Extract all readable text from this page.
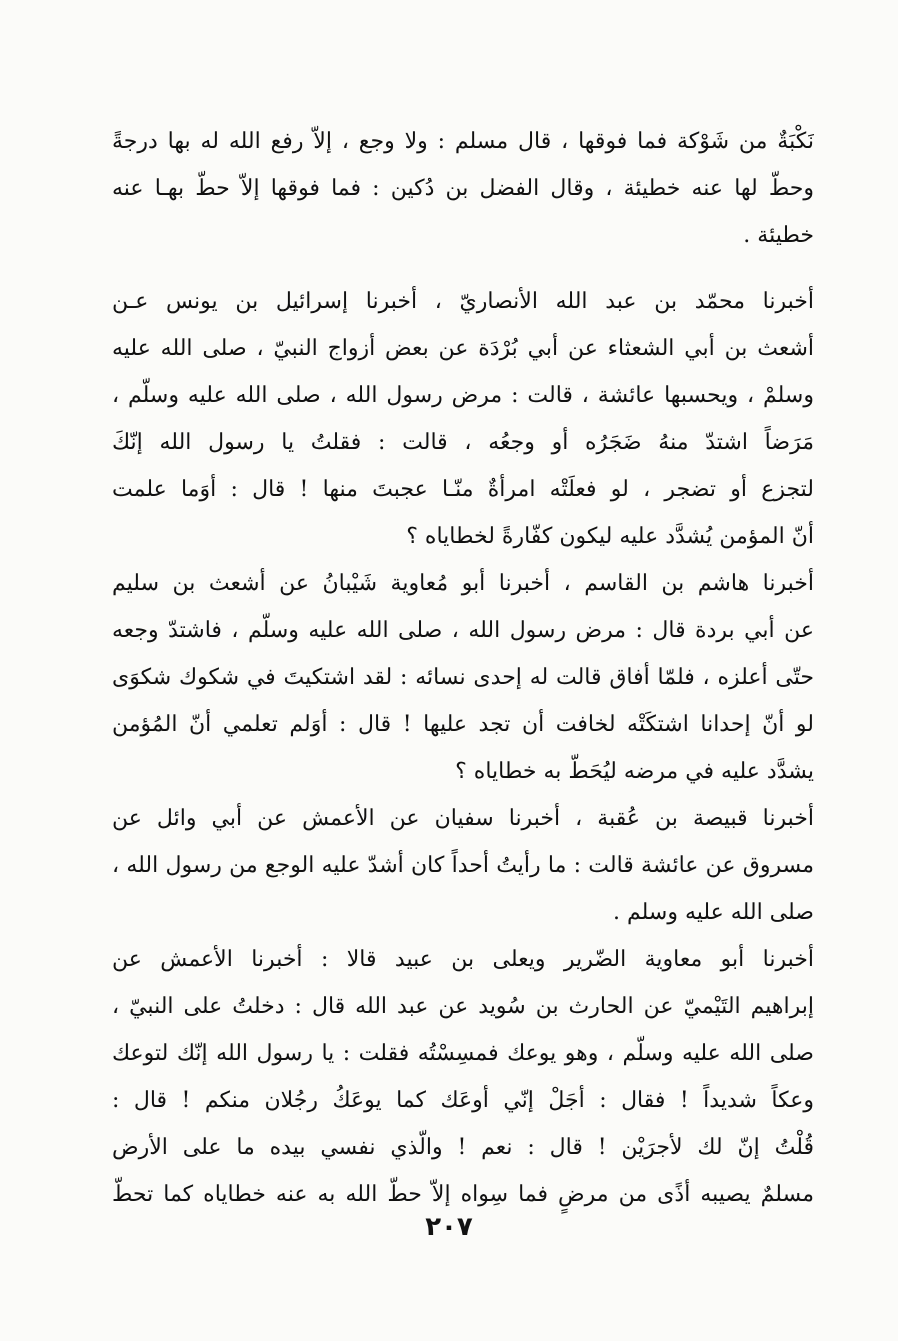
نَكْبَةٌ من شَوْكة فما فوقها ، قال مسلم : ولا وجع ، إلاّ رفع الله له بها درجةً
وحطّ لها عنه خطيئة ، وقال الفضل بن دُكين : فما فوقها إلاّ حطّ بهـا عنه
خطيئة .
أخبرنا محمّد بن عبد الله الأنصاريّ ، أخبرنا إسرائيل بن يونس عـن
أشعث بن أبي الشعثاء عن أبي بُرْدَة عن بعض أزواج النبيّ ، صلى الله عليه
وسلمْ ، ويحسبها عائشة ، قالت : مرض رسول الله ، صلى الله عليه وسلّم ،
مَرَضاً اشتدّ منهُ ضَجَرُه أو وجعُه ، قالت : فقلتُ يا رسول الله إنّكَ
لتجزع أو تضجر ، لو فعلَتْه امرأةٌ منّـا عجبتَ منها ! قال : أوَما علمت
أنّ المؤمن يُشدَّد عليه ليكون كفّارةً لخطاياه ؟
أخبرنا هاشم بن القاسم ، أخبرنا أبو مُعاوية شَيْبانُ عن أشعث بن سليم
عن أبي بردة قال : مرض رسول الله ، صلى الله عليه وسلّم ، فاشتدّ وجعه
حتّى أعلزه ، فلمّا أفاق قالت له إحدى نسائه : لقد اشتكيتَ في شكوك شكوَى
لو أنّ إحدانا اشتكَتْه لخافت أن تجد عليها ! قال : أوَلم تعلمي أنّ المُؤمن
يشدَّد عليه في مرضه ليُحَطّ به خطاياه ؟
أخبرنا قبيصة بن عُقبة ، أخبرنا سفيان عن الأعمش عن أبي وائل عن
مسروق عن عائشة قالت : ما رأيتُ أحداً كان أشدّ عليه الوجع من رسول الله ،
صلى الله عليه وسلم .
أخبرنا أبو معاوية الضّرير ويعلى بن عبيد قالا : أخبرنا الأعمش عن
إبراهيم التَيْميّ عن الحارث بن سُويد عن عبد الله قال : دخلتُ على النبيّ ،
صلى الله عليه وسلّم ، وهو يوعك فمسِسْتُه فقلت : يا رسول الله إنّك لتوعك
وعكاً شديداً ! فقال : أجَلْ إنّي أوعَك كما يوعَكُ رجُلان منكم ! قال :
قُلْتُ إنّ لك لأجرَيْن ! قال : نعم ! والّذي نفسي بيده ما على الأرض
مسلمٌ يصيبه أذًى من مرضٍ فما سِواه إلاّ حطّ الله به عنه خطاياه كما تحطّ
٢٠٧
